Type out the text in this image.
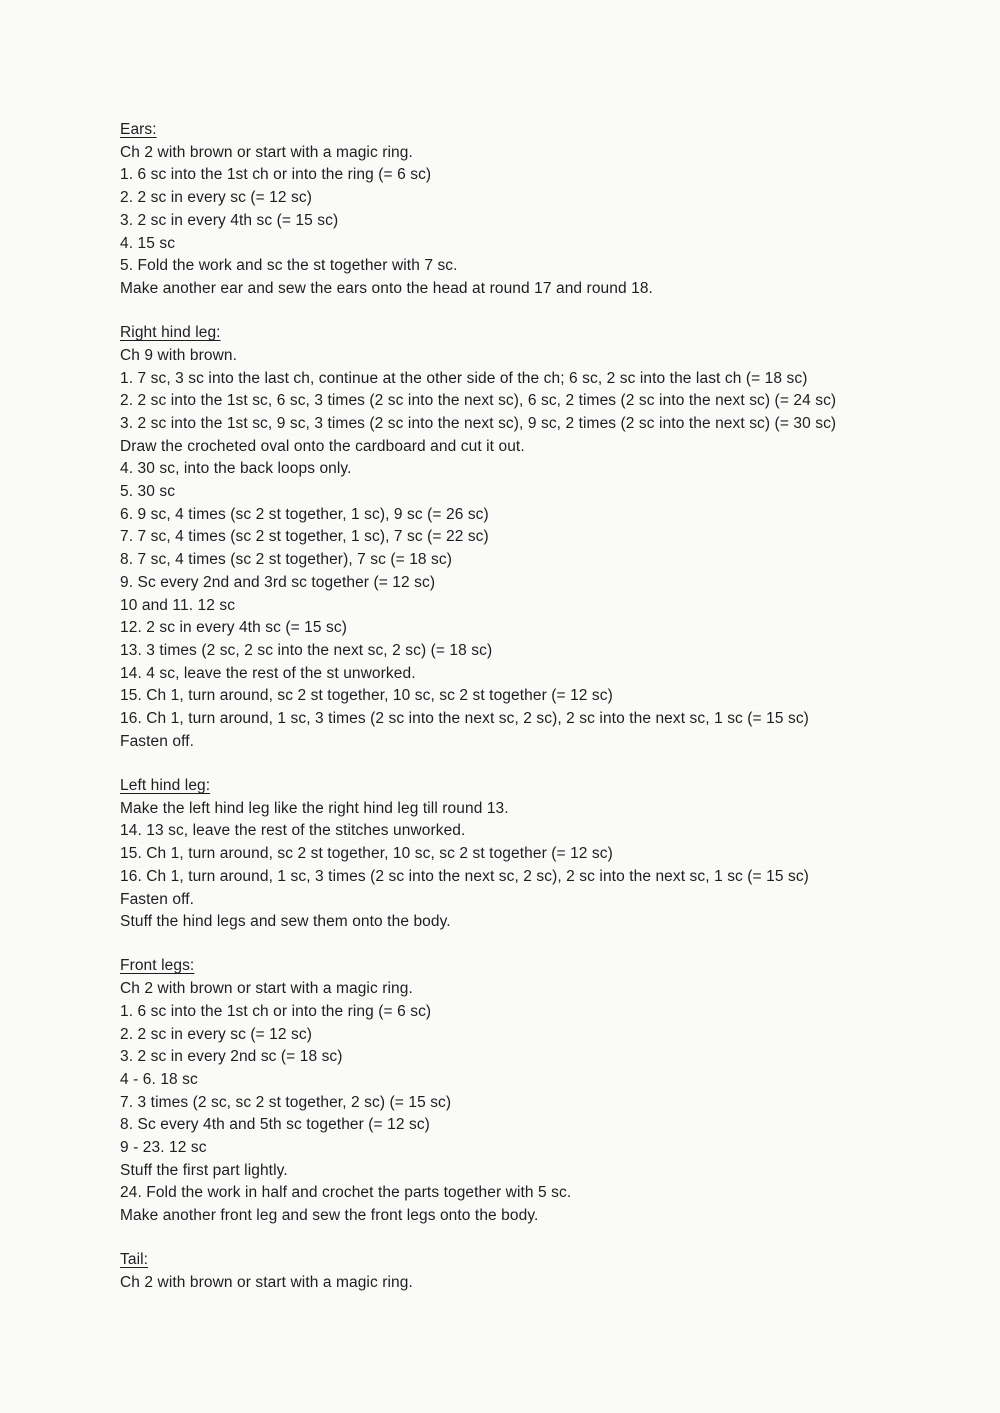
Ears:
Ch 2 with brown or start with a magic ring.
1. 6 sc into the 1st ch or into the ring (= 6 sc)
2. 2 sc in every sc (= 12 sc)
3. 2 sc in every 4th sc (= 15 sc)
4. 15 sc
5. Fold the work and sc the st together with 7 sc.
Make another ear and sew the ears onto the head at round 17 and round 18.
Right hind leg:
Ch 9 with brown.
1. 7 sc, 3 sc into the last ch, continue at the other side of the ch; 6 sc, 2 sc into the last ch (= 18 sc)
2. 2 sc into the 1st sc, 6 sc, 3 times (2 sc into the next sc), 6 sc, 2 times (2 sc into the next sc) (= 24 sc)
3. 2 sc into the 1st sc, 9 sc, 3 times (2 sc into the next sc), 9 sc, 2 times (2 sc into the next sc) (= 30 sc)
Draw the crocheted oval onto the cardboard and cut it out.
4. 30 sc, into the back loops only.
5. 30 sc
6. 9 sc, 4 times (sc 2 st together, 1 sc), 9 sc (= 26 sc)
7. 7 sc, 4 times (sc 2 st together, 1 sc), 7 sc (= 22 sc)
8. 7 sc, 4 times (sc 2 st together), 7 sc (= 18 sc)
9. Sc every 2nd and 3rd sc together (= 12 sc)
10 and 11. 12 sc
12. 2 sc in every 4th sc (= 15 sc)
13. 3 times (2 sc, 2 sc into the next sc, 2 sc) (= 18 sc)
14. 4 sc, leave the rest of the st unworked.
15. Ch 1, turn around, sc 2 st together, 10 sc, sc 2 st together (= 12 sc)
16. Ch 1, turn around, 1 sc, 3 times (2 sc into the next sc, 2 sc), 2 sc into the next sc, 1 sc (= 15 sc)
Fasten off.
Left hind leg:
Make the left hind leg like the right hind leg till round 13.
14. 13 sc, leave the rest of the stitches unworked.
15. Ch 1, turn around, sc 2 st together, 10 sc, sc 2 st together (= 12 sc)
16. Ch 1, turn around, 1 sc, 3 times (2 sc into the next sc, 2 sc), 2 sc into the next sc, 1 sc (= 15 sc)
Fasten off.
Stuff the hind legs and sew them onto the body.
Front legs:
Ch 2 with brown or start with a magic ring.
1. 6 sc into the 1st ch or into the ring (= 6 sc)
2. 2 sc in every sc (= 12 sc)
3. 2 sc in every 2nd sc (= 18 sc)
4 - 6. 18 sc
7. 3 times (2 sc, sc 2 st together, 2 sc) (= 15 sc)
8. Sc every 4th and 5th sc together (= 12 sc)
9 - 23. 12 sc
Stuff the first part lightly.
24. Fold the work in half and crochet the parts together with 5 sc.
Make another front leg and sew the front legs onto the body.
Tail:
Ch 2 with brown or start with a magic ring.
